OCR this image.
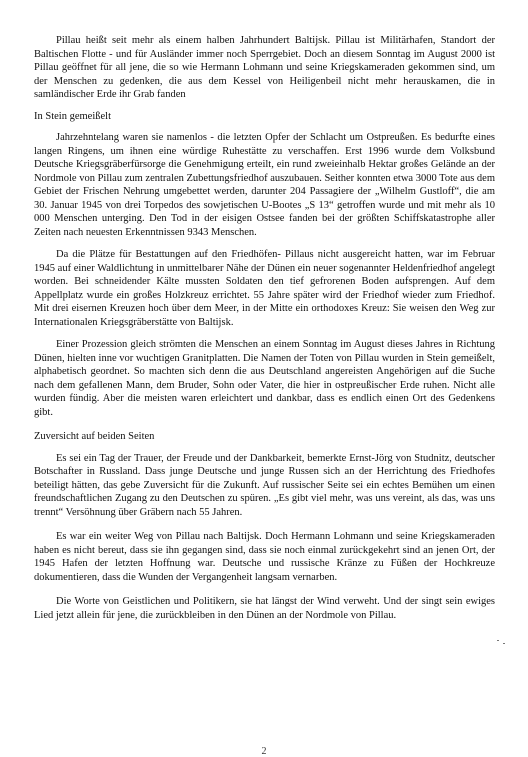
Pillau heißt seit mehr als einem halben Jahrhundert Baltijsk. Pillau ist Militärhafen, Standort der Baltischen Flotte - und für Ausländer immer noch Sperrgebiet. Doch an diesem Sonntag im August 2000 ist Pillau geöffnet für all jene, die so wie Hermann Lohmann und seine Kriegskameraden gekommen sind, um der Menschen zu gedenken, die aus dem Kessel von Heiligenbeil nicht mehr herauskamen, die in samländischer Erde ihr Grab fanden

In Stein gemeißelt

Jahrzehntelang waren sie namenlos - die letzten Opfer der Schlacht um Ostpreußen. Es bedurfte eines langen Ringens, um ihnen eine würdige Ruhestätte zu verschaffen. Erst 1996 wurde dem Volksbund Deutsche Kriegsgräberfürsorge die Genehmigung erteilt, ein rund zweieinhalb Hektar großes Gelände an der Nordmole von Pillau zum zentralen Zubettungsfriedhof auszubauen. Seither konnten etwa 3000 Tote aus dem Gebiet der Frischen Nehrung umgebettet werden, darunter 204 Passagiere der „Wilhelm Gustloff“, die am 30. Januar 1945 von drei Torpedos des sowjetischen U-Bootes „S 13“ getroffen wurde und mit mehr als 10 000 Menschen unterging. Den Tod in der eisigen Ostsee fanden bei der größten Schiffskatastrophe aller Zeiten nach neuesten Erkenntnissen 9343 Menschen.

Da die Plätze für Bestattungen auf den Friedhöfen- Pillaus nicht ausgereicht hatten, war im Februar 1945 auf einer Waldlichtung in unmittelbarer Nähe der Dünen ein neuer sogenannter Heldenfriedhof angelegt worden. Bei schneidender Kälte mussten Soldaten den tief gefrorenen Boden aufsprengen. Auf dem Appellplatz wurde ein großes Holzkreuz errichtet. 55 Jahre später wird der Friedhof wieder zum Friedhof. Mit drei eisernen Kreuzen hoch über dem Meer, in der Mitte ein orthodoxes Kreuz: Sie weisen den Weg zur Internationalen Kriegsgräberstätte von Baltijsk.

Einer Prozession gleich strömten die Menschen an einem Sonntag im August dieses Jahres in Richtung Dünen, hielten inne vor wuchtigen Granitplatten. Die Namen der Toten von Pillau wurden in Stein gemeißelt, alphabetisch geordnet. So machten sich denn die aus Deutschland angereisten Angehörigen auf die Suche nach dem gefallenen Mann, dem Bruder, Sohn oder Vater, die hier in ostpreußischer Erde ruhen. Nicht alle wurden fündig. Aber die meisten waren erleichtert und dankbar, dass es endlich einen Ort des Gedenkens gibt.

Zuversicht auf beiden Seiten

Es sei ein Tag der Trauer, der Freude und der Dankbarkeit, bemerkte Ernst-Jörg von Studnitz, deutscher Botschafter in Russland. Dass junge Deutsche und junge Russen sich an der Herrichtung des Friedhofes beteiligt hätten, das gebe Zuversicht für die Zukunft. Auf russischer Seite sei ein echtes Bemühen um einen freundschaftlichen Zugang zu den Deutschen zu spüren. „Es gibt viel mehr, was uns vereint, als das, was uns trennt“ Versöhnung über Gräbern nach 55 Jahren.

Es war ein weiter Weg von Pillau nach Baltijsk. Doch Hermann Lohmann und seine Kriegskameraden haben es nicht bereut, dass sie ihn gegangen sind, dass sie noch einmal zurückgekehrt sind an jenen Ort, der 1945 Hafen der letzten Hoffnung war. Deutsche und russische Kränze zu Füßen der Hochkreuze dokumentieren, dass die Wunden der Vergangenheit langsam vernarben.

Die Worte von Geistlichen und Politikern, sie hat längst der Wind verweht. Und der singt sein ewiges Lied jetzt allein für jene, die zurückbleiben in den Dünen an der Nordmole von Pillau.

2
